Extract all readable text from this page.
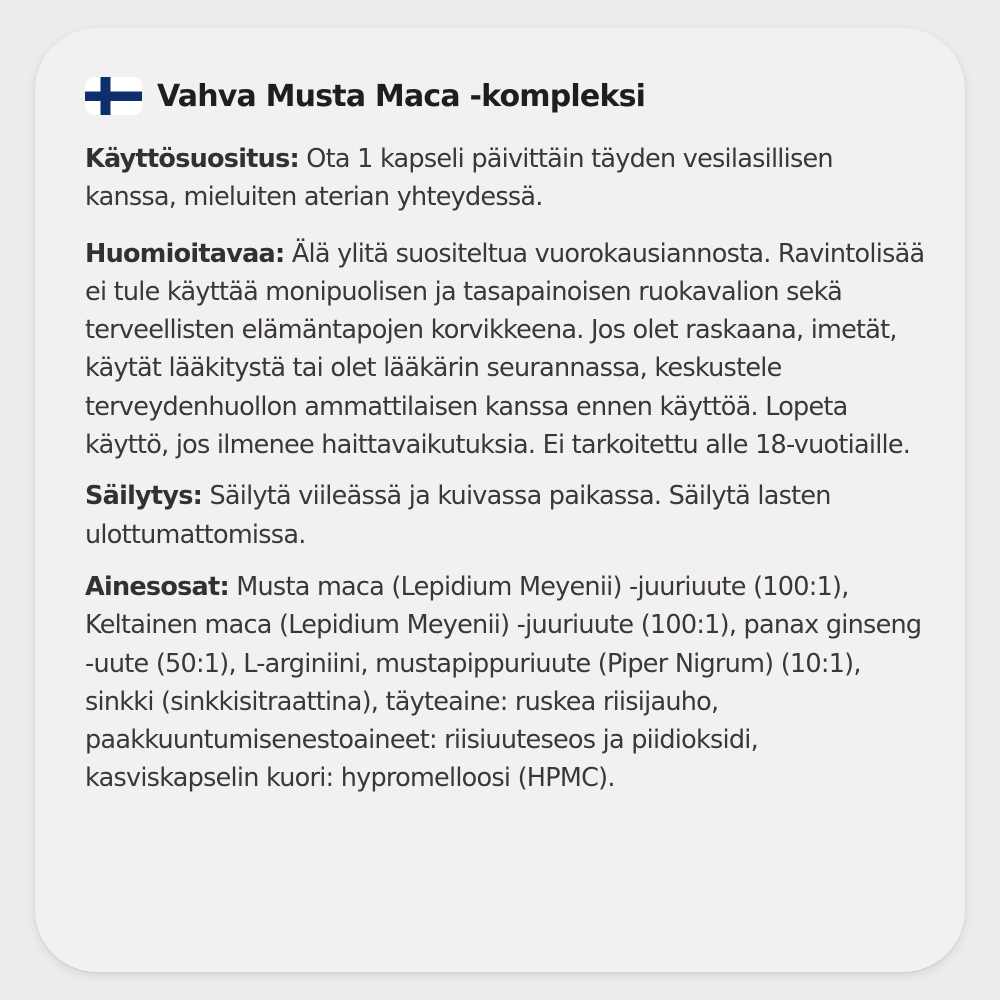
Vahva Musta Maca -kompleksi

Käyttösuositus: Ota 1 kapseli päivittäin täyden vesilasillisen kanssa, mieluiten aterian yhteydessä.

Huomioitavaa: Älä ylitä suositeltua vuorokausiannosta. Ravintolisää ei tule käyttää monipuolisen ja tasapainoisen ruokavalion sekä terveellisten elämäntapojen korvikkeena. Jos olet raskaana, imetät, käytät lääkitystä tai olet lääkärin seurannassa, keskustele terveydenhuollon ammattilaisen kanssa ennen käyttöä. Lopeta käyttö, jos ilmenee haittavaikutuksia. Ei tarkoitettu alle 18-vuotiaille.

Säilytys: Säilytä viileässä ja kuivassa paikassa. Säilytä lasten ulottumattomissa.

Ainesosat: Musta maca (Lepidium Meyenii) -juuriuute (100:1), Keltainen maca (Lepidium Meyenii) -juuriuute (100:1), panax ginseng -uute (50:1), L-arginiini, mustapippuriuute (Piper Nigrum) (10:1), sinkki (sinkkisitraattina), täyteaine: ruskea riisijauho, paakkuuntumisenestoaineet: riisiuuteseos ja piidioksidi, kasviskapselin kuori: hypromelloosi (HPMC).
